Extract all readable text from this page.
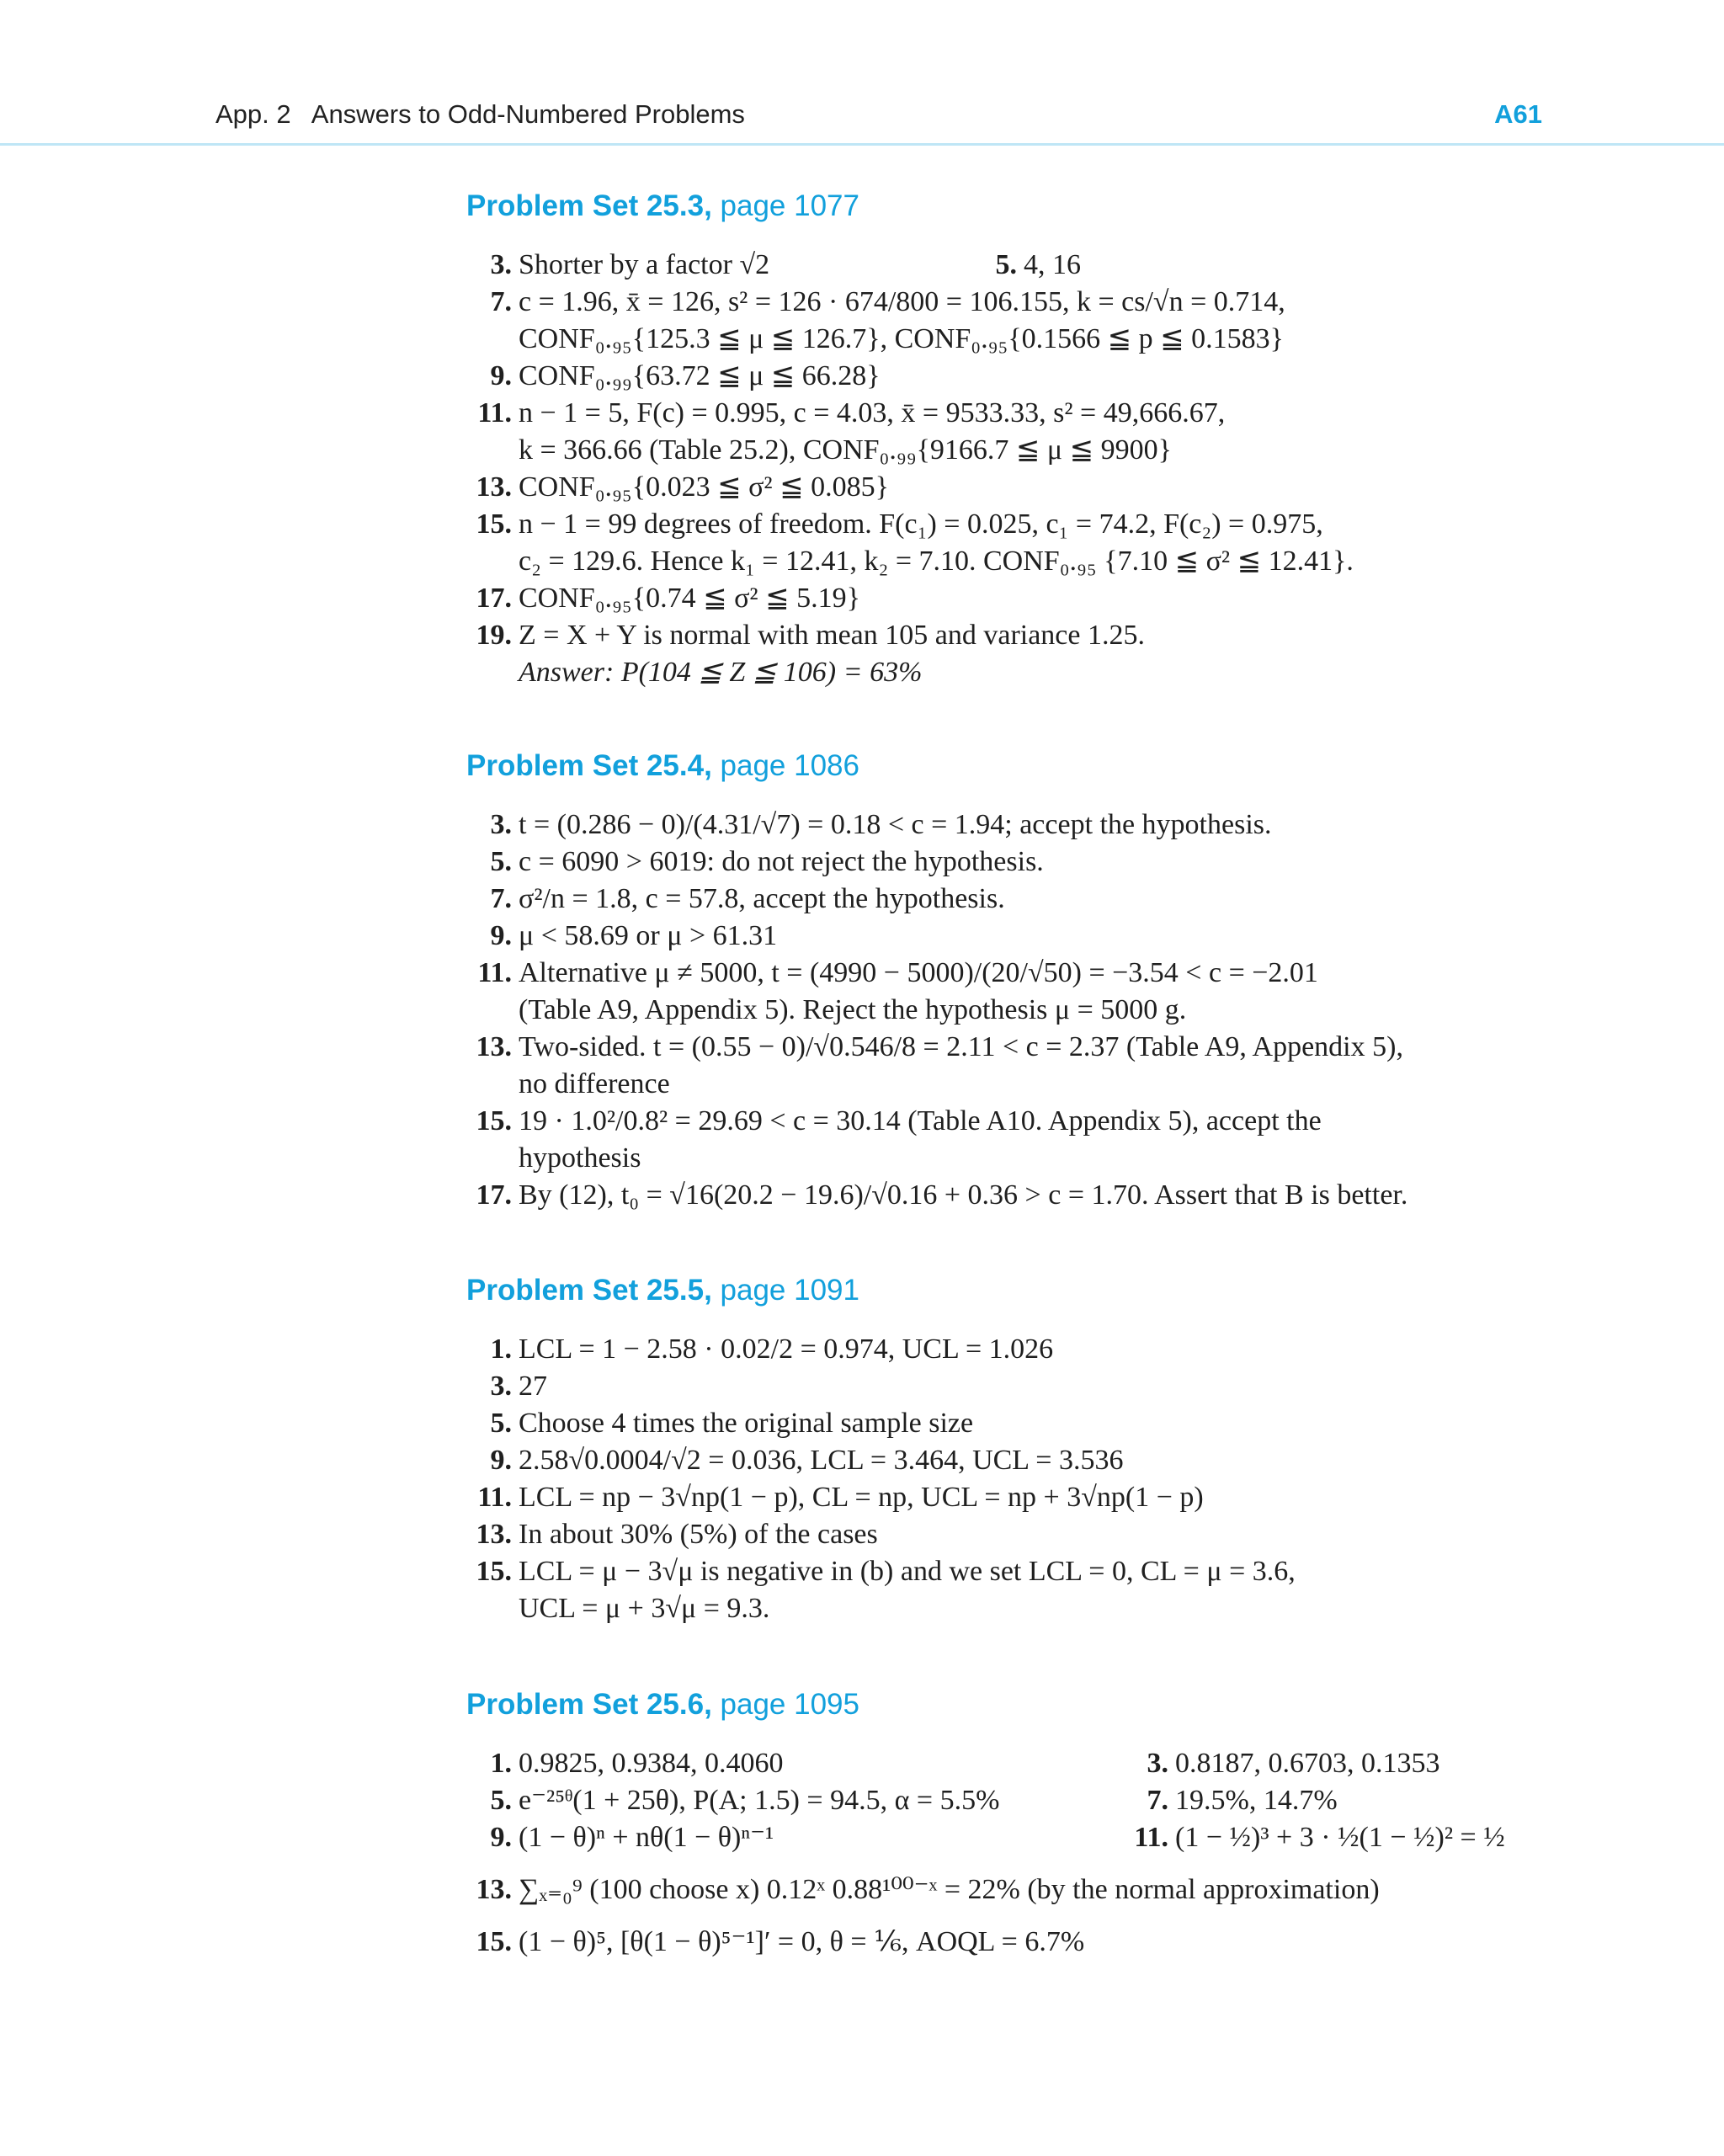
App. 2 Answers to Odd-Numbered Problems	A61
Problem Set 25.3, page 1077
3. Shorter by a factor √2	5. 4, 16
7. c = 1.96, x̄ = 126, s² = 126 · 674/800 = 106.155, k = cs/√n = 0.714,
CONF₀.₉₅{125.3 ≦ μ ≦ 126.7}, CONF₀.₉₅{0.1566 ≦ p ≦ 0.1583}
9. CONF₀.₉₉{63.72 ≦ μ ≦ 66.28}
11. n − 1 = 5, F(c) = 0.995, c = 4.03, x̄ = 9533.33, s² = 49,666.67,
k = 366.66 (Table 25.2), CONF₀.₉₉{9166.7 ≦ μ ≦ 9900}
13. CONF₀.₉₅{0.023 ≦ σ² ≦ 0.085}
15. n − 1 = 99 degrees of freedom. F(c₁) = 0.025, c₁ = 74.2, F(c₂) = 0.975,
c₂ = 129.6. Hence k₁ = 12.41, k₂ = 7.10. CONF₀.₉₅ {7.10 ≦ σ² ≦ 12.41}.
17. CONF₀.₉₅{0.74 ≦ σ² ≦ 5.19}
19. Z = X + Y is normal with mean 105 and variance 1.25.
Answer: P(104 ≦ Z ≦ 106) = 63%
Problem Set 25.4, page 1086
3. t = (0.286 − 0)/(4.31/√7) = 0.18 < c = 1.94; accept the hypothesis.
5. c = 6090 > 6019: do not reject the hypothesis.
7. σ²/n = 1.8, c = 57.8, accept the hypothesis.
9. μ < 58.69 or μ > 61.31
11. Alternative μ ≠ 5000, t = (4990 − 5000)/(20/√50) = −3.54 < c = −2.01
(Table A9, Appendix 5). Reject the hypothesis μ = 5000 g.
13. Two-sided. t = (0.55 − 0)/√0.546/8 = 2.11 < c = 2.37 (Table A9, Appendix 5),
no difference
15. 19 · 1.0²/0.8² = 29.69 < c = 30.14 (Table A10. Appendix 5), accept the
hypothesis
17. By (12), t₀ = √16(20.2 − 19.6)/√0.16 + 0.36 > c = 1.70. Assert that B is better.
Problem Set 25.5, page 1091
1. LCL = 1 − 2.58 · 0.02/2 = 0.974, UCL = 1.026
3. 27
5. Choose 4 times the original sample size
9. 2.58√0.0004/√2 = 0.036, LCL = 3.464, UCL = 3.536
11. LCL = np − 3√np(1 − p), CL = np, UCL = np + 3√np(1 − p)
13. In about 30% (5%) of the cases
15. LCL = μ − 3√μ is negative in (b) and we set LCL = 0, CL = μ = 3.6,
UCL = μ + 3√μ = 9.3.
Problem Set 25.6, page 1095
1. 0.9825, 0.9384, 0.4060	3. 0.8187, 0.6703, 0.1353
5. e⁻²⁵ᶿ(1 + 25θ), P(A; 1.5) = 94.5, α = 5.5%	7. 19.5%, 14.7%
9. (1 − θ)ⁿ + nθ(1 − θ)ⁿ⁻¹	11. (1 − ½)³ + 3 · ½(1 − ½)² = ½
13. ∑ₓ₌₀⁹ (100 choose x) 0.12ˣ 0.88¹⁰⁰⁻ˣ = 22% (by the normal approximation)
15. (1 − θ)⁵, [θ(1 − θ)⁵⁻¹]′ = 0, θ = ⅙, AOQL = 6.7%
